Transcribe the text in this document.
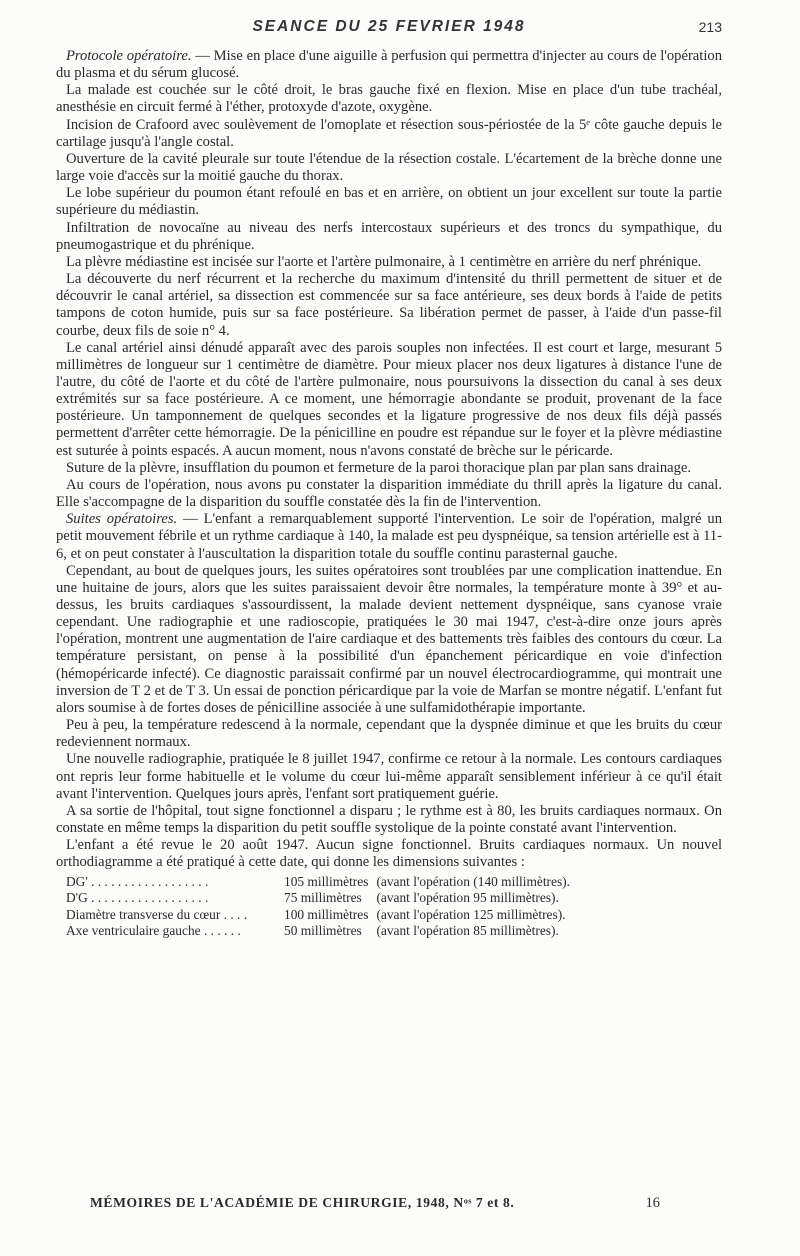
SEANCE DU 25 FEVRIER 1948	213

Protocole opératoire. — Mise en place d'une aiguille à perfusion qui permettra d'injecter au cours de l'opération du plasma et du sérum glucosé.

La malade est couchée sur le côté droit, le bras gauche fixé en flexion. Mise en place d'un tube trachéal, anesthésie en circuit fermé à l'éther, protoxyde d'azote, oxygène.

Incision de Crafoord avec soulèvement de l'omoplate et résection sous-périostée de la 5ᵉ côte gauche depuis le cartilage jusqu'à l'angle costal.

Ouverture de la cavité pleurale sur toute l'étendue de la résection costale. L'écartement de la brèche donne une large voie d'accès sur la moitié gauche du thorax.

Le lobe supérieur du poumon étant refoulé en bas et en arrière, on obtient un jour excellent sur toute la partie supérieure du médiastin.

Infiltration de novocaïne au niveau des nerfs intercostaux supérieurs et des troncs du sympathique, du pneumogastrique et du phrénique.

La plèvre médiastine est incisée sur l'aorte et l'artère pulmonaire, à 1 centimètre en arrière du nerf phrénique.

La découverte du nerf récurrent et la recherche du maximum d'intensité du thrill permettent de situer et de découvrir le canal artériel, sa dissection est commencée sur sa face antérieure, ses deux bords à l'aide de petits tampons de coton humide, puis sur sa face postérieure. Sa libération permet de passer, à l'aide d'un passe-fil courbe, deux fils de soie n° 4.

Le canal artériel ainsi dénudé apparaît avec des parois souples non infectées. Il est court et large, mesurant 5 millimètres de longueur sur 1 centimètre de diamètre. Pour mieux placer nos deux ligatures à distance l'une de l'autre, du côté de l'aorte et du côté de l'artère pulmonaire, nous poursuivons la dissection du canal à ses deux extrémités sur sa face postérieure. A ce moment, une hémorragie abondante se produit, provenant de la face postérieure. Un tamponnement de quelques secondes et la ligature progressive de nos deux fils déjà passés permettent d'arrêter cette hémorragie. De la pénicilline en poudre est répandue sur le foyer et la plèvre médiastine est suturée à points espacés. A aucun moment, nous n'avons constaté de brèche sur le péricarde.

Suture de la plèvre, insufflation du poumon et fermeture de la paroi thoracique plan par plan sans drainage.

Au cours de l'opération, nous avons pu constater la disparition immédiate du thrill après la ligature du canal. Elle s'accompagne de la disparition du souffle constatée dès la fin de l'intervention.

Suites opératoires. — L'enfant a remarquablement supporté l'intervention. Le soir de l'opération, malgré un petit mouvement fébrile et un rythme cardiaque à 140, la malade est peu dyspnéique, sa tension artérielle est à 11-6, et on peut constater à l'auscultation la disparition totale du souffle continu parasternal gauche.

Cependant, au bout de quelques jours, les suites opératoires sont troublées par une complication inattendue. En une huitaine de jours, alors que les suites paraissaient devoir être normales, la température monte à 39° et au-dessus, les bruits cardiaques s'assourdissent, la malade devient nettement dyspnéique, sans cyanose vraie cependant. Une radiographie et une radioscopie, pratiquées le 30 mai 1947, c'est-à-dire onze jours après l'opération, montrent une augmentation de l'aire cardiaque et des battements très faibles des contours du cœur. La température persistant, on pense à la possibilité d'un épanchement péricardique en voie d'infection (hémopéricarde infecté). Ce diagnostic paraissait confirmé par un nouvel électrocardiogramme, qui montrait une inversion de T 2 et de T 3. Un essai de ponction péricardique par la voie de Marfan se montre négatif. L'enfant fut alors soumise à de fortes doses de pénicilline associée à une sulfamidothérapie importante.

Peu à peu, la température redescend à la normale, cependant que la dyspnée diminue et que les bruits du cœur redeviennent normaux.

Une nouvelle radiographie, pratiquée le 8 juillet 1947, confirme ce retour à la normale. Les contours cardiaques ont repris leur forme habituelle et le volume du cœur lui-même apparaît sensiblement inférieur à ce qu'il était avant l'intervention. Quelques jours après, l'enfant sort pratiquement guérie.

A sa sortie de l'hôpital, tout signe fonctionnel a disparu ; le rythme est à 80, les bruits cardiaques normaux. On constate en même temps la disparition du petit souffle systolique de la pointe constaté avant l'intervention.

L'enfant a été revue le 20 août 1947. Aucun signe fonctionnel. Bruits cardiaques normaux. Un nouvel orthodiagramme a été pratiqué à cette date, qui donne les dimensions suivantes :

DG' . . . . . . . . . . . . . . . . . .	105 millimètres	(avant l'opération (140 millimètres).
D'G . . . . . . . . . . . . . . . . . .	75 millimètres	(avant l'opération 95 millimètres).
Diamètre transverse du cœur . . . .	100 millimètres	(avant l'opération 125 millimètres).
Axe ventriculaire gauche . . . . . .	50 millimètres	(avant l'opération 85 millimètres).
MÉMOIRES DE L'ACADÉMIE DE CHIRURGIE, 1948, Nᵒˢ 7 et 8.	16
